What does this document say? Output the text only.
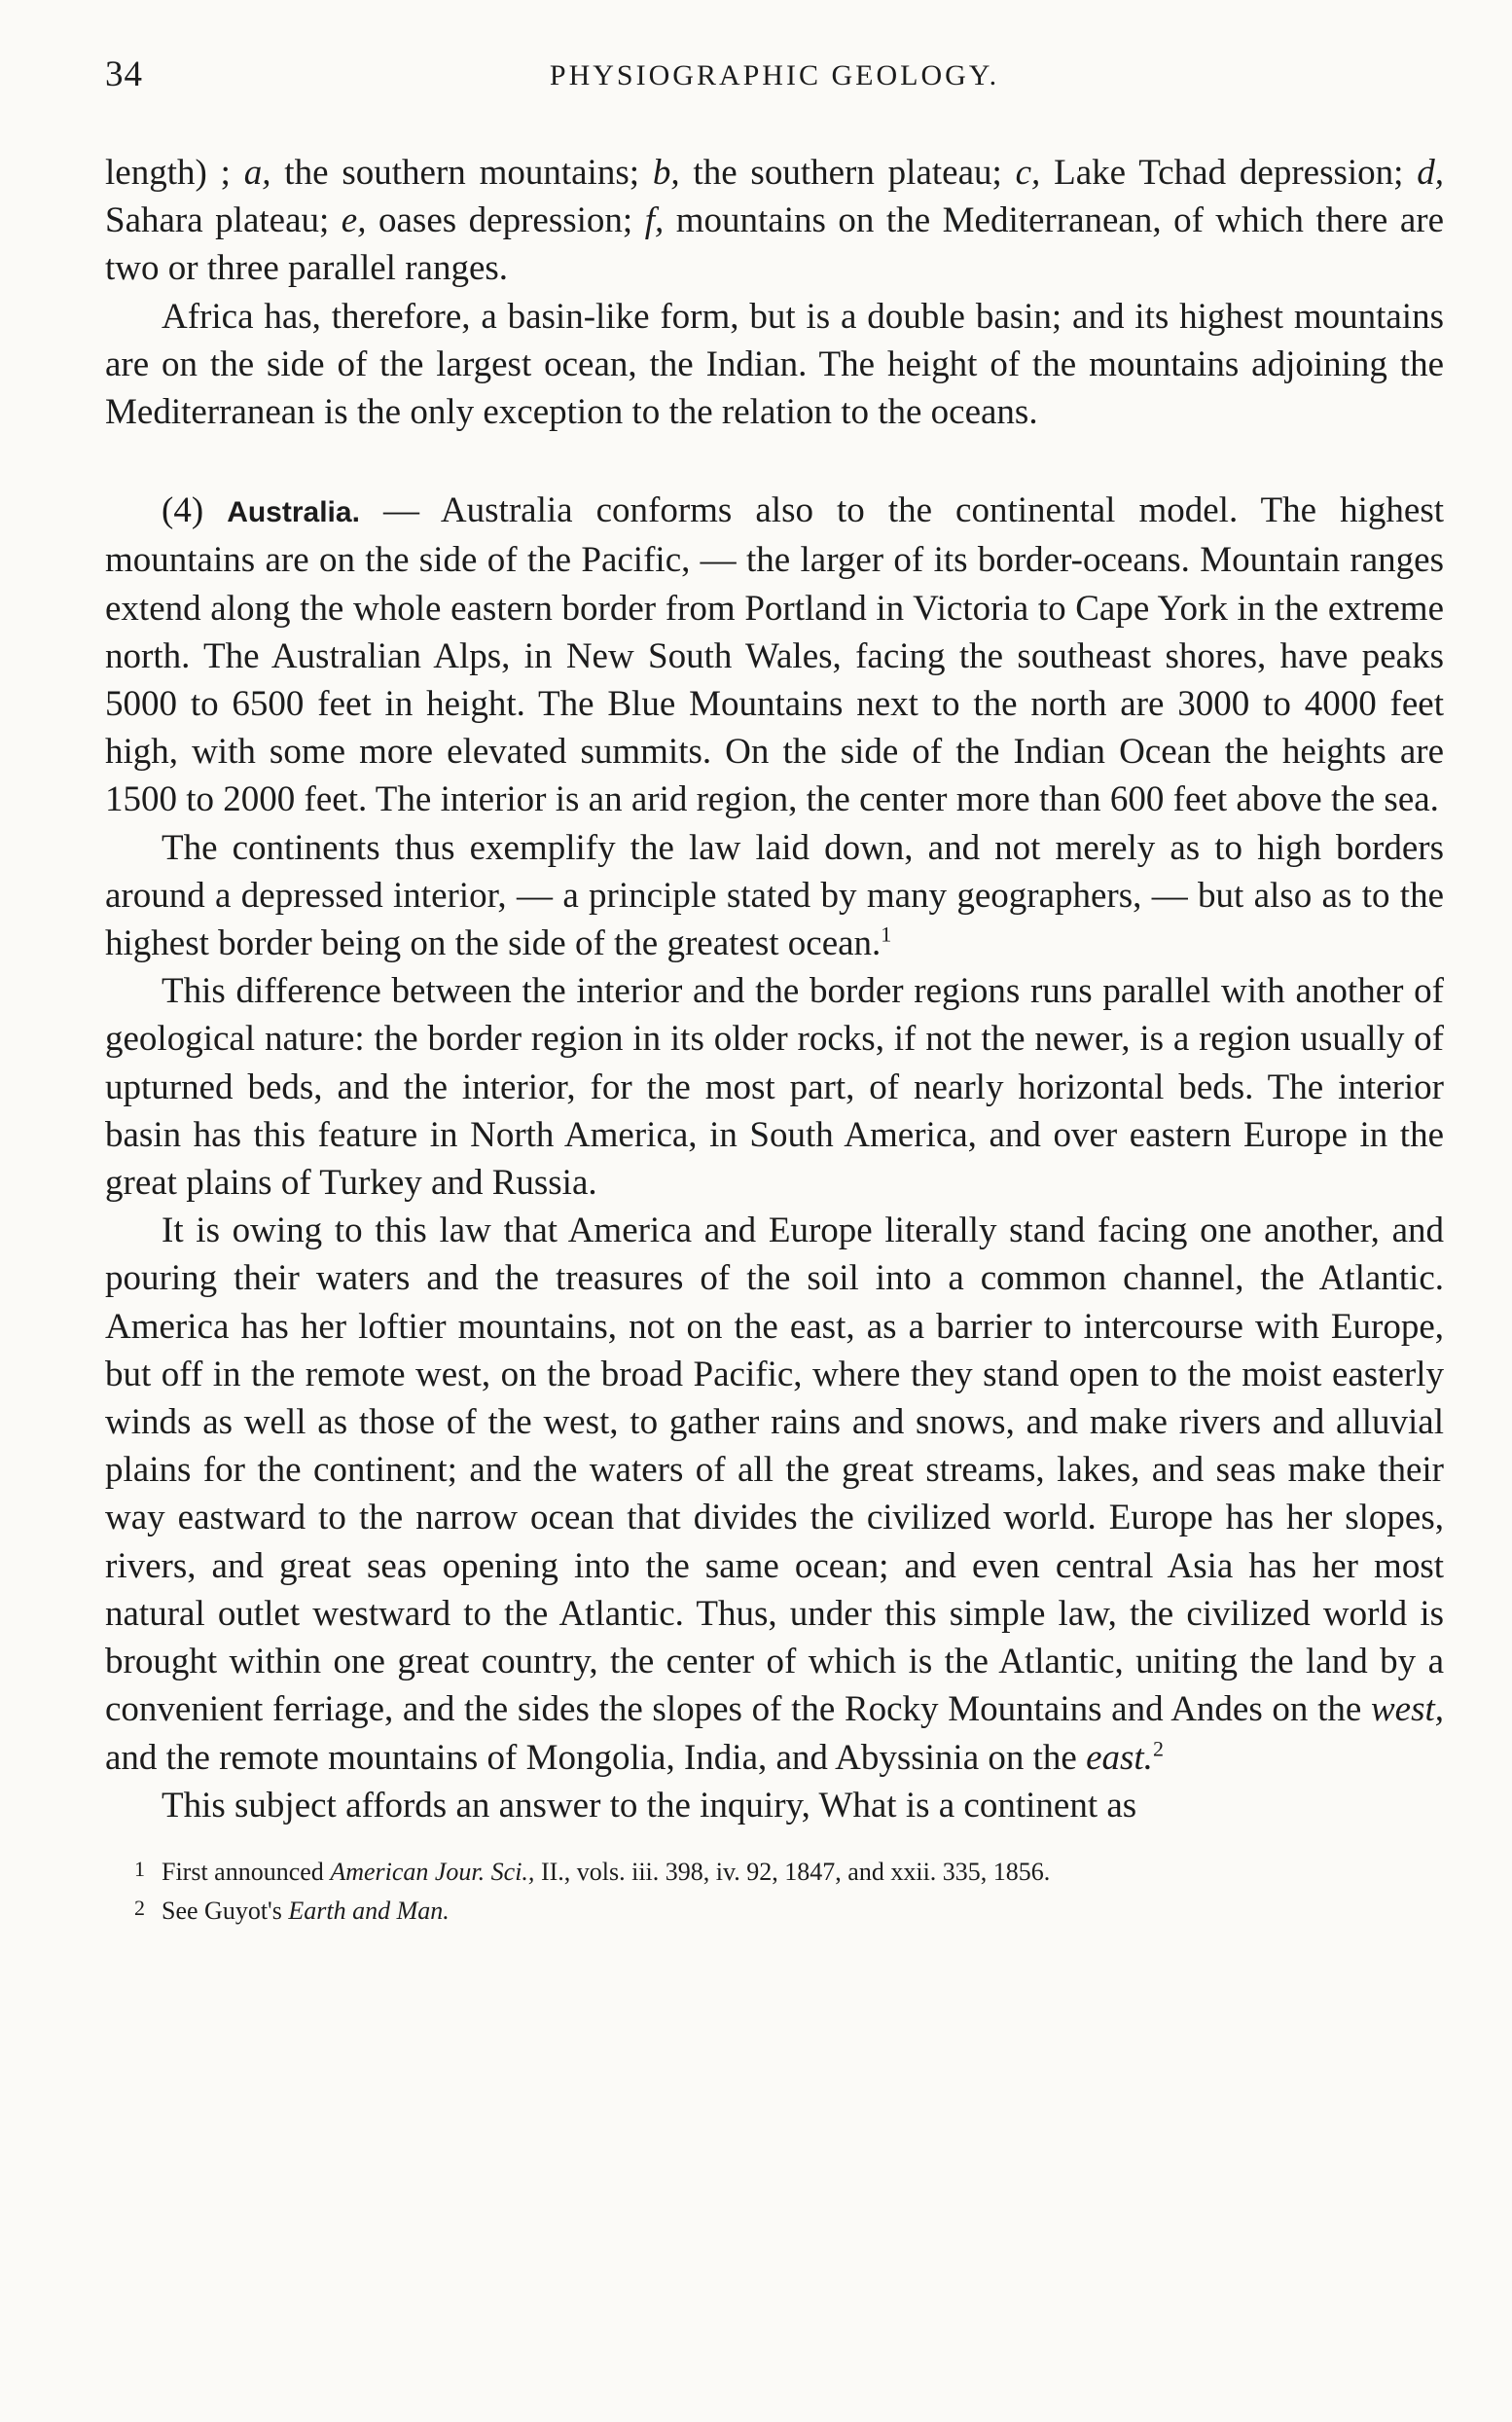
34	PHYSIOGRAPHIC GEOLOGY.

length) ; a, the southern mountains; b, the southern plateau; c, Lake Tchad depression; d, Sahara plateau; e, oases depression; f, mountains on the Mediterranean, of which there are two or three parallel ranges.

Africa has, therefore, a basin-like form, but is a double basin; and its highest mountains are on the side of the largest ocean, the Indian. The height of the mountains adjoining the Mediterranean is the only exception to the relation to the oceans.

(4) Australia. — Australia conforms also to the continental model. The highest mountains are on the side of the Pacific, — the larger of its border-oceans. Mountain ranges extend along the whole eastern border from Portland in Victoria to Cape York in the extreme north. The Australian Alps, in New South Wales, facing the southeast shores, have peaks 5000 to 6500 feet in height. The Blue Mountains next to the north are 3000 to 4000 feet high, with some more elevated summits. On the side of the Indian Ocean the heights are 1500 to 2000 feet. The interior is an arid region, the center more than 600 feet above the sea.

The continents thus exemplify the law laid down, and not merely as to high borders around a depressed interior, — a principle stated by many geographers, — but also as to the highest border being on the side of the greatest ocean.$^1$

This difference between the interior and the border regions runs parallel with another of geological nature: the border region in its older rocks, if not the newer, is a region usually of upturned beds, and the interior, for the most part, of nearly horizontal beds. The interior basin has this feature in North America, in South America, and over eastern Europe in the great plains of Turkey and Russia.

It is owing to this law that America and Europe literally stand facing one another, and pouring their waters and the treasures of the soil into a common channel, the Atlantic. America has her loftier mountains, not on the east, as a barrier to intercourse with Europe, but off in the remote west, on the broad Pacific, where they stand open to the moist easterly winds as well as those of the west, to gather rains and snows, and make rivers and alluvial plains for the continent; and the waters of all the great streams, lakes, and seas make their way eastward to the narrow ocean that divides the civilized world. Europe has her slopes, rivers, and great seas opening into the same ocean; and even central Asia has her most natural outlet westward to the Atlantic. Thus, under this simple law, the civilized world is brought within one great country, the center of which is the Atlantic, uniting the land by a convenient ferriage, and the sides the slopes of the Rocky Mountains and Andes on the west, and the remote mountains of Mongolia, India, and Abyssinia on the east.$^2$

This subject affords an answer to the inquiry, What is a continent as

1 First announced American Jour. Sci., II., vols. iii. 398, iv. 92, 1847, and xxii. 335, 1856.
2 See Guyot's Earth and Man.
